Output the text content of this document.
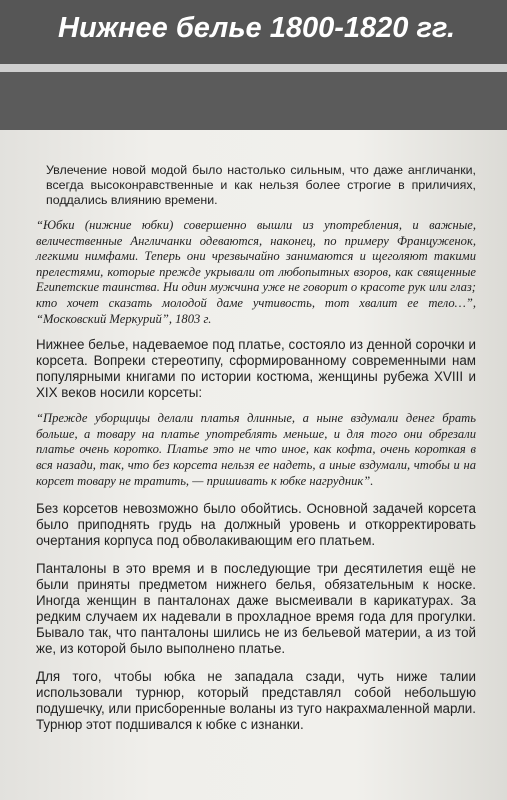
Нижнее белье 1800-1820 гг.

Увлечение новой модой было настолько сильным, что даже англичанки, всегда высоконравственные и как нельзя более строгие в приличиях, поддались влиянию времени.

“Юбки (нижние юбки) совершенно вышли из употребления, и важные, величественные Англичанки одеваются, наконец, по примеру Француженок, легкими нимфами. Теперь они чрезвычайно занимаются и щеголяют такими прелестями, которые прежде укрывали от любопытных взоров, как священные Египетские таинства. Ни один мужчина уже не говорит о красоте рук или глаз; кто хочет сказать молодой даме учтивость, тот хвалит ее тело…”, “Московский Меркурий”, 1803 г.

Нижнее белье, надеваемое под платье, состояло из денной сорочки и корсета. Вопреки стереотипу, сформированному современными нам популярными книгами по истории костюма, женщины рубежа XVIII и XIX веков носили корсеты:

“Прежде уборщицы делали платья длинные, а ныне вздумали денег брать больше, а товару на платье употреблять меньше, и для того они обрезали платье очень коротко. Платье это не что иное, как кофта, очень короткая в вся назади, так, что без корсета нельзя ее надеть, а иные вздумали, чтобы и на корсет товару не тратить, — пришивать к юбке нагрудник”.

Без корсетов невозможно было обойтись. Основной задачей корсета было приподнять грудь на должный уровень и откорректировать очертания корпуса под обволакивающим его платьем.

Панталоны в это время и в последующие три десятилетия ещё не были приняты предметом нижнего белья, обязательным к носке. Иногда женщин в панталонах даже высмеивали в карикатурах. За редким случаем их надевали в прохладное время года для прогулки. Бывало так, что панталоны шились не из бельевой материи, а из той же, из которой было выполнено платье.

Для того, чтобы юбка не западала сзади, чуть ниже талии использовали турнюр, который представлял собой небольшую подушечку, или присборенные воланы из туго накрахмаленной марли. Турнюр этот подшивался к юбке с изнанки.
